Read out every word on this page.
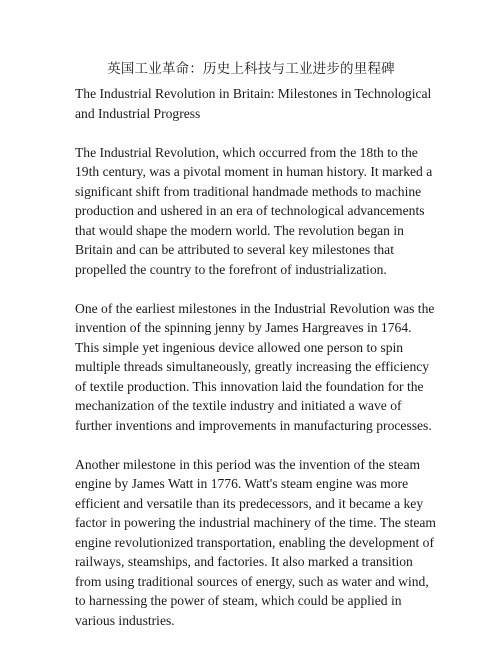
英国工业革命：历史上科技与工业进步的里程碑

The Industrial Revolution in Britain: Milestones in Technological and Industrial Progress

The Industrial Revolution, which occurred from the 18th to the 19th century, was a pivotal moment in human history. It marked a significant shift from traditional handmade methods to machine production and ushered in an era of technological advancements that would shape the modern world. The revolution began in Britain and can be attributed to several key milestones that propelled the country to the forefront of industrialization.

One of the earliest milestones in the Industrial Revolution was the invention of the spinning jenny by James Hargreaves in 1764. This simple yet ingenious device allowed one person to spin multiple threads simultaneously, greatly increasing the efficiency of textile production. This innovation laid the foundation for the mechanization of the textile industry and initiated a wave of further inventions and improvements in manufacturing processes.

Another milestone in this period was the invention of the steam engine by James Watt in 1776. Watt's steam engine was more efficient and versatile than its predecessors, and it became a key factor in powering the industrial machinery of the time. The steam engine revolutionized transportation, enabling the development of railways, steamships, and factories. It also marked a transition from using traditional sources of energy, such as water and wind, to harnessing the power of steam, which could be applied in various industries.
